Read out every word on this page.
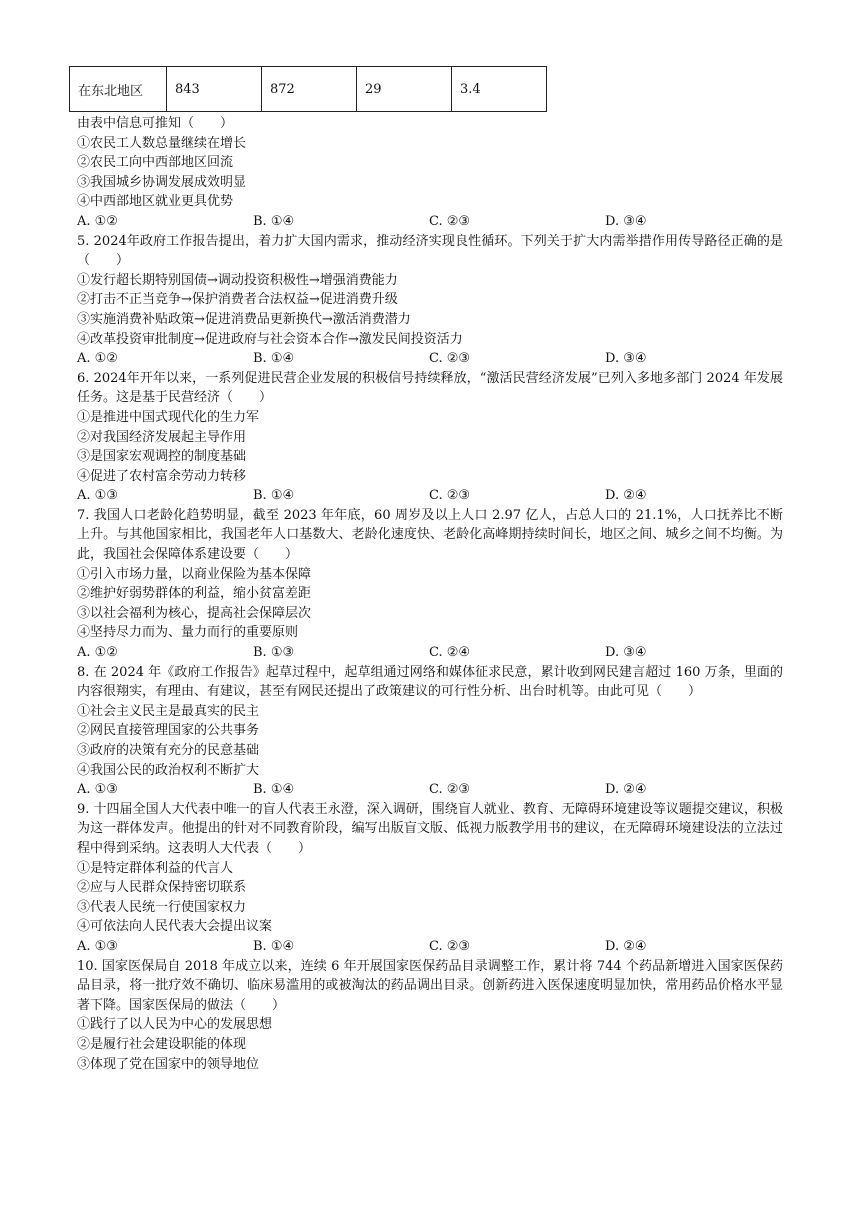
在东北地区	843	872	29	3.4
由表中信息可推知（　　）
①农民工人数总量继续在增长
②农民工向中西部地区回流
③我国城乡协调发展成效明显
④中西部地区就业更具优势
A. ①②	B. ①④	C. ②③	D. ③④
5. 2024年政府工作报告提出，着力扩大国内需求，推动经济实现良性循环。下列关于扩大内需举措作用传导路径正确的是（　　）
①发行超长期特别国债→调动投资积极性→增强消费能力
②打击不正当竞争→保护消费者合法权益→促进消费升级
③实施消费补贴政策→促进消费品更新换代→激活消费潜力
④改革投资审批制度→促进政府与社会资本合作→激发民间投资活力
A. ①②	B. ①④	C. ②③	D. ③④
6. 2024年开年以来，一系列促进民营企业发展的积极信号持续释放，“激活民营经济发展”已列入多地多部门 2024 年发展任务。这是基于民营经济（　　）
①是推进中国式现代化的生力军
②对我国经济发展起主导作用
③是国家宏观调控的制度基础
④促进了农村富余劳动力转移
A. ①③	B. ①④	C. ②③	D. ②④
7. 我国人口老龄化趋势明显，截至 2023 年年底，60 周岁及以上人口 2.97 亿人，占总人口的 21.1%，人口抚养比不断上升。与其他国家相比，我国老年人口基数大、老龄化速度快、老龄化高峰期持续时间长，地区之间、城乡之间不均衡。为此，我国社会保障体系建设要（　　）
①引入市场力量，以商业保险为基本保障
②维护好弱势群体的利益，缩小贫富差距
③以社会福利为核心，提高社会保障层次
④坚持尽力而为、量力而行的重要原则
A. ①②	B. ①③	C. ②④	D. ③④
8. 在 2024 年《政府工作报告》起草过程中，起草组通过网络和媒体征求民意，累计收到网民建言超过 160 万条，里面的内容很翔实，有理由、有建议，甚至有网民还提出了政策建议的可行性分析、出台时机等。由此可见（　　）
①社会主义民主是最真实的民主
②网民直接管理国家的公共事务
③政府的决策有充分的民意基础
④我国公民的政治权利不断扩大
A. ①③	B. ①④	C. ②③	D. ②④
9. 十四届全国人大代表中唯一的盲人代表王永澄，深入调研，围绕盲人就业、教育、无障碍环境建设等议题提交建议，积极为这一群体发声。他提出的针对不同教育阶段，编写出版盲文版、低视力版教学用书的建议，在无障碍环境建设法的立法过程中得到采纳。这表明人大代表（　　）
①是特定群体利益的代言人
②应与人民群众保持密切联系
③代表人民统一行使国家权力
④可依法向人民代表大会提出议案
A. ①③	B. ①④	C. ②③	D. ②④
10. 国家医保局自 2018 年成立以来，连续 6 年开展国家医保药品目录调整工作，累计将 744 个药品新增进入国家医保药品目录，将一批疗效不确切、临床易滥用的或被淘汰的药品调出目录。创新药进入医保速度明显加快，常用药品价格水平显著下降。国家医保局的做法（　　）
①践行了以人民为中心的发展思想
②是履行社会建设职能的体现
③体现了党在国家中的领导地位
